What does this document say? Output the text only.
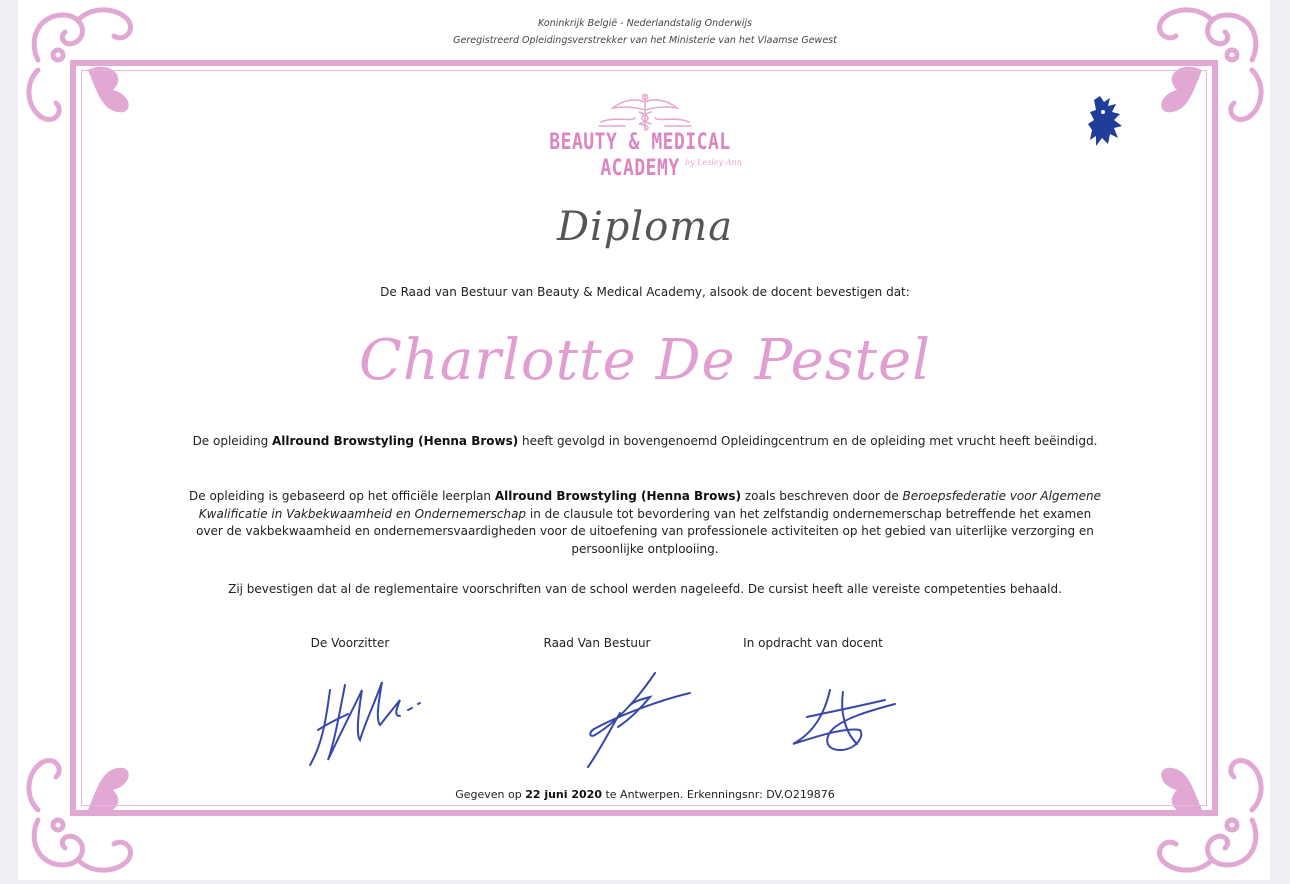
Koninkrijk België - Nederlandstalig Onderwijs
Geregistreerd Opleidingsverstrekker van het Ministerie van het Vlaamse Gewest
BEAUTY & MEDICAL ACADEMY by Lesley-Ann
Diploma
De Raad van Bestuur van Beauty & Medical Academy, alsook de docent bevestigen dat:
Charlotte De Pestel
De opleiding Allround Browstyling (Henna Brows) heeft gevolgd in bovengenoemd Opleidingcentrum en de opleiding met vrucht heeft beëindigd.
De opleiding is gebaseerd op het officiële leerplan Allround Browstyling (Henna Brows) zoals beschreven door de Beroepsfederatie voor Algemene Kwalificatie in Vakbekwaamheid en Ondernemerschap in de clausule tot bevordering van het zelfstandig ondernemerschap betreffende het examen over de vakbekwaamheid en ondernemersvaardigheden voor de uitoefening van professionele activiteiten op het gebied van uiterlijke verzorging en persoonlijke ontplooiing.
Zij bevestigen dat al de reglementaire voorschriften van de school werden nageleefd. De cursist heeft alle vereiste competenties behaald.
De Voorzitter	Raad Van Bestuur	In opdracht van docent
Gegeven op 22 juni 2020 te Antwerpen. Erkenningsnr: DV.O219876
